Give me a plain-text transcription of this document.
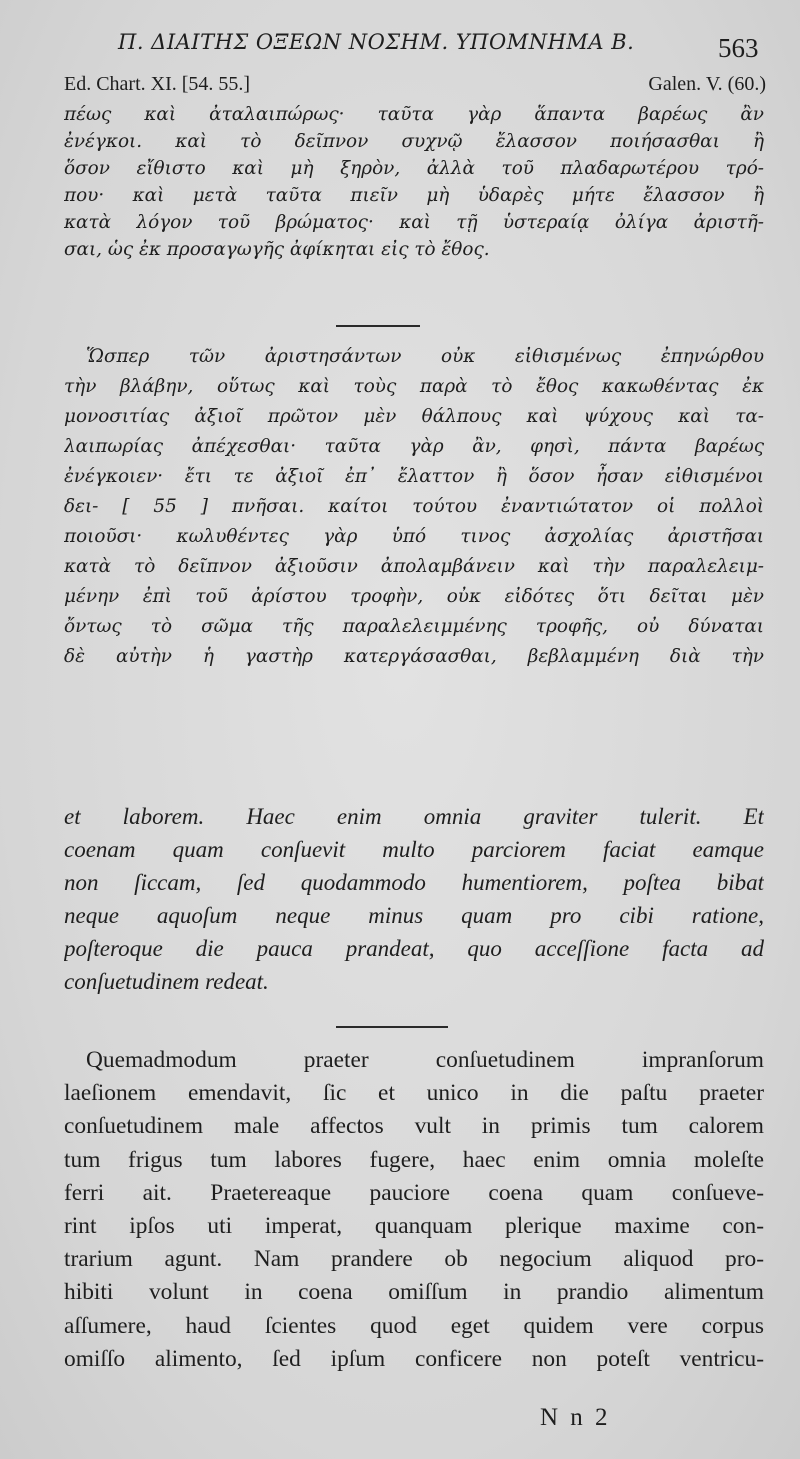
Π. ΔΙΑΙΤΗΣ ΟΞΕΩΝ ΝΟΣΗΜ. ΥΠΟΜΝΗΜΑ Β.	563
Ed. Chart. XI. [54. 55.]	Galen. V. (60.)
πέως καὶ ἀταλαιπώρως· ταῦτα γὰρ ἅπαντα βαρέως ἂν
ἐνέγκοι. καὶ τὸ δεῖπνον συχνῷ ἔλασσον ποιήσασθαι ἢ
ὅσον εἴθιστο καὶ μὴ ξηρὸν, ἀλλὰ τοῦ πλαδαρωτέρου τρό-
που· καὶ μετὰ ταῦτα πιεῖν μὴ ὑδαρὲς μήτε ἔλασσον ἢ
κατὰ λόγον τοῦ βρώματος· καὶ τῇ ὑστεραίᾳ ὀλίγα ἀριστῆ-
σαι, ὡς ἐκ προσαγωγῆς ἀφίκηται εἰς τὸ ἔθος.
Ὥσπερ τῶν ἀριστησάντων οὐκ εἰθισμένως ἐπηνώρθου
τὴν βλάβην, οὕτως καὶ τοὺς παρὰ τὸ ἔθος κακωθέντας ἐκ
μονοσιτίας ἀξιοῖ πρῶτον μὲν θάλπους καὶ ψύχους καὶ τα-
λαιπωρίας ἀπέχεσθαι· ταῦτα γὰρ ἂν, φησὶ, πάντα βαρέως
ἐνέγκοιεν· ἔτι τε ἀξιοῖ ἐπ᾽ ἔλαττον ἢ ὅσον ἦσαν εἰθισμένοι
δει- [ 55 ] πνῆσαι. καίτοι τούτου ἐναντιώτατον οἱ πολλοὶ
ποιοῦσι· κωλυθέντες γὰρ ὑπό τινος ἀσχολίας ἀριστῆσαι
κατὰ τὸ δεῖπνον ἀξιοῦσιν ἀπολαμβάνειν καὶ τὴν παραλελειμ-
μένην ἐπὶ τοῦ ἀρίστου τροφὴν, οὐκ εἰδότες ὅτι δεῖται μὲν
ὄντως τὸ σῶμα τῆς παραλελειμμένης τροφῆς, οὐ δύναται
δὲ αὐτὴν ἡ γαστὴρ κατεργάσασθαι, βεβλαμμένη διὰ τὴν
et laborem. Haec enim omnia graviter tulerit. Et
coenam quam conſuevit multo parciorem faciat eamque
non ſiccam, ſed quodammodo humentiorem, poſtea bibat
neque aquoſum neque minus quam pro cibi ratione,
poſteroque die pauca prandeat, quo acceſſione facta ad
conſuetudinem redeat.
Quemadmodum praeter conſuetudinem impranſorum
laeſionem emendavit, ſic et unico in die paſtu praeter
conſuetudinem male affectos vult in primis tum calorem
tum frigus tum labores fugere, haec enim omnia moleſte
ferri ait. Praetereaque pauciore coena quam conſueve-
rint ipſos uti imperat, quanquam plerique maxime con-
trarium agunt. Nam prandere ob negocium aliquod pro-
hibiti volunt in coena omiſſum in prandio alimentum
aſſumere, haud ſcientes quod eget quidem vere corpus
omiſſo alimento, ſed ipſum conficere non poteſt ventricu-
N n 2
